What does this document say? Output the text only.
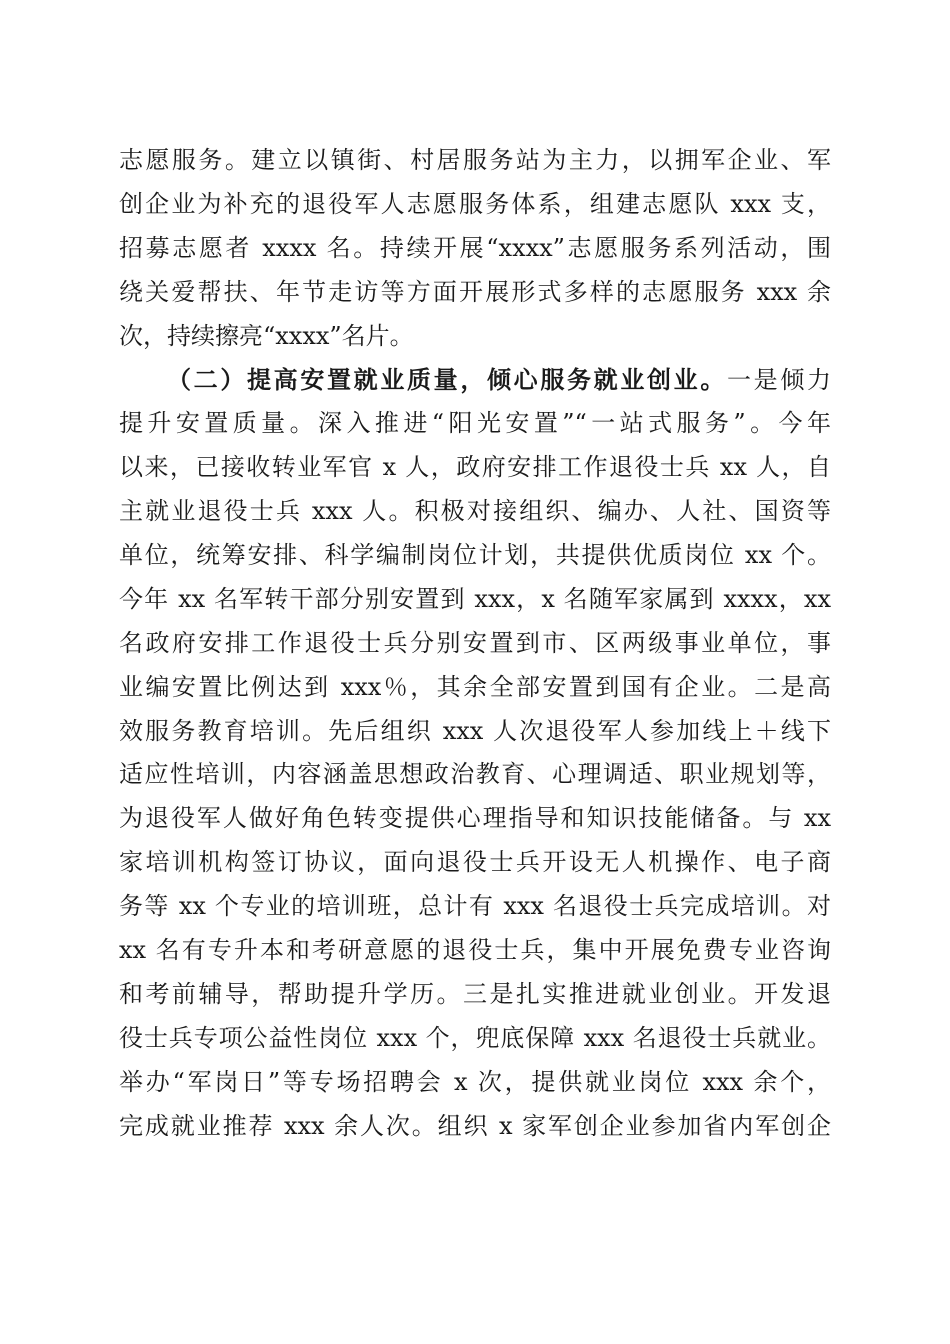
志愿服务。建立以镇街、村居服务站为主力，以拥军企业、军
创企业为补充的退役军人志愿服务体系，组建志愿队 xxx 支，
招募志愿者 xxxx 名。持续开展“xxxx”志愿服务系列活动，围
绕关爱帮扶、年节走访等方面开展形式多样的志愿服务 xxx 余
次，持续擦亮“xxxx”名片。
（二）提高安置就业质量，倾心服务就业创业。一是倾力
提升安置质量。深入推进“阳光安置”“一站式服务”。今年
以来，已接收转业军官 x 人，政府安排工作退役士兵 xx 人，自
主就业退役士兵 xxx 人。积极对接组织、编办、人社、国资等
单位，统筹安排、科学编制岗位计划，共提供优质岗位 xx 个。
今年 xx 名军转干部分别安置到 xxx，x 名随军家属到 xxxx，xx
名政府安排工作退役士兵分别安置到市、区两级事业单位，事
业编安置比例达到 xxx％，其余全部安置到国有企业。二是高
效服务教育培训。先后组织 xxx 人次退役军人参加线上＋线下
适应性培训，内容涵盖思想政治教育、心理调适、职业规划等，
为退役军人做好角色转变提供心理指导和知识技能储备。与 xx
家培训机构签订协议，面向退役士兵开设无人机操作、电子商
务等 xx 个专业的培训班，总计有 xxx 名退役士兵完成培训。对
xx 名有专升本和考研意愿的退役士兵，集中开展免费专业咨询
和考前辅导，帮助提升学历。三是扎实推进就业创业。开发退
役士兵专项公益性岗位 xxx 个，兜底保障 xxx 名退役士兵就业。
举办“军岗日”等专场招聘会 x 次，提供就业岗位 xxx 余个，
完成就业推荐 xxx 余人次。组织 x 家军创企业参加省内军创企
